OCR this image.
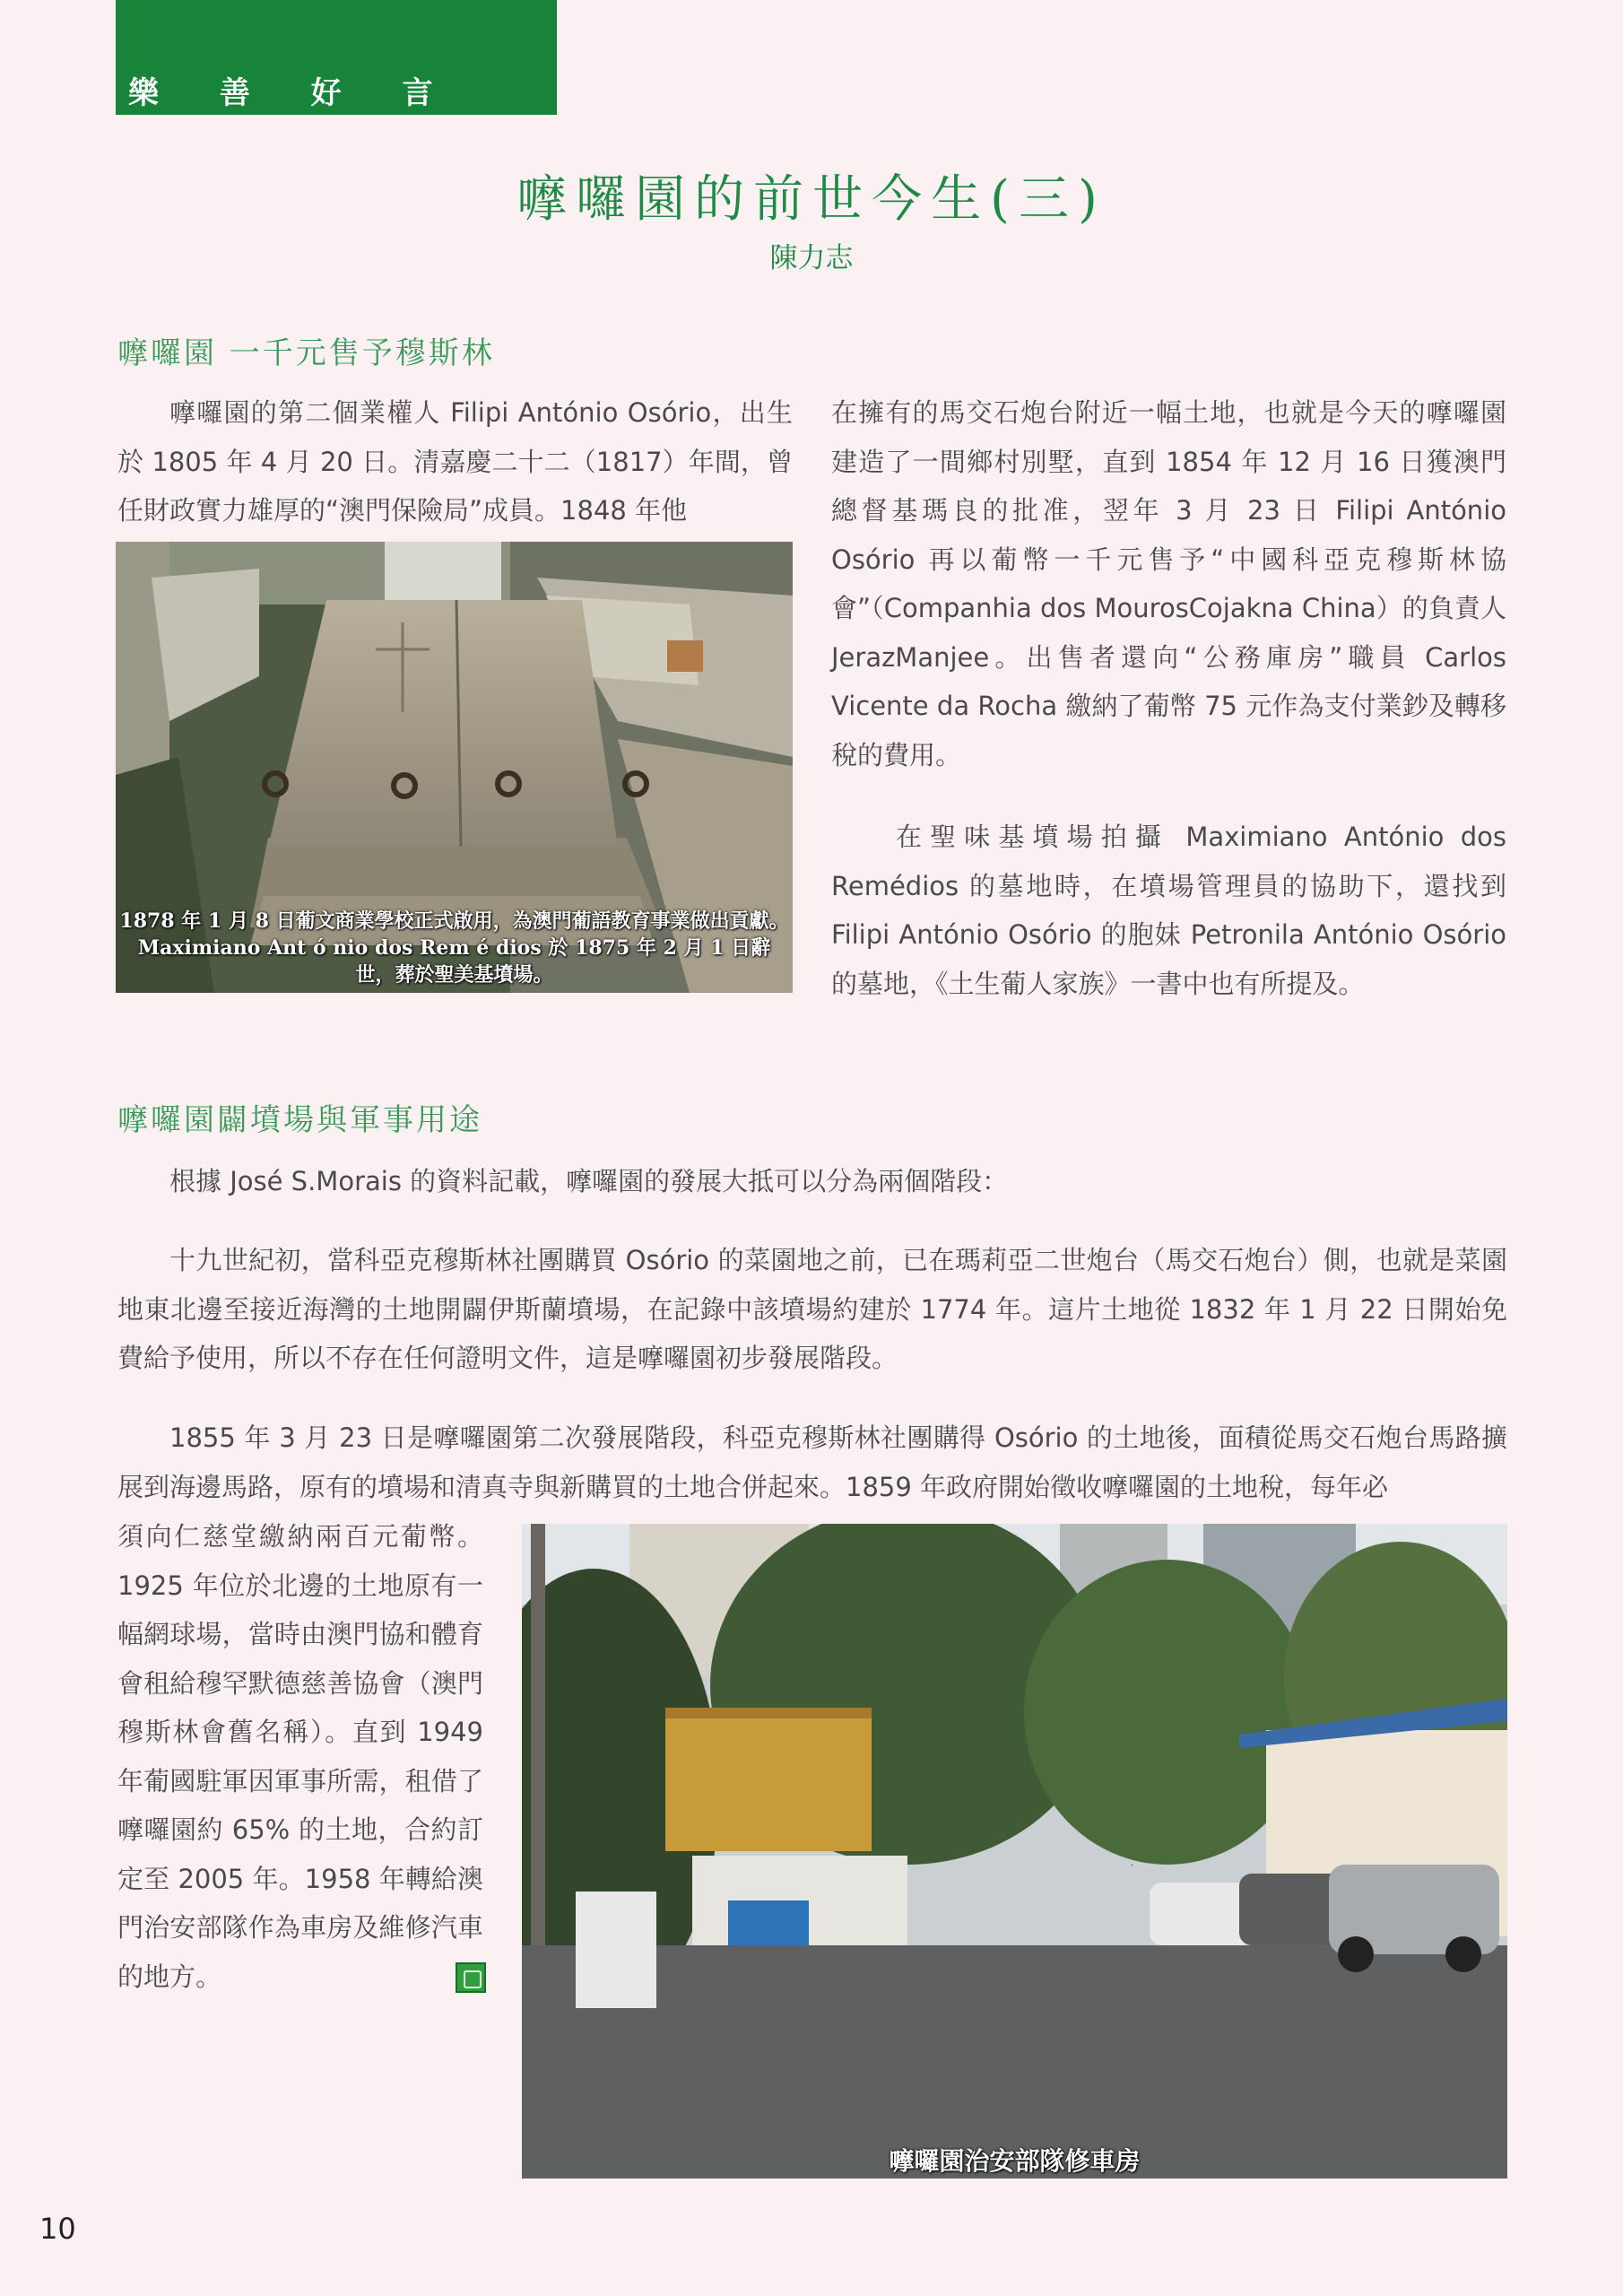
樂 善 好 言
嚤囉園的前世今生(三)
陳力志
嚤囉園 一千元售予穆斯林
嚤囉園的第二個業權人 Filipi António Osório，出生於 1805 年 4 月 20 日。清嘉慶二十二（1817）年間，曾任財政實力雄厚的“澳門保險局”成員。1848 年他
在擁有的馬交石炮台附近一幅土地，也就是今天的嚤囉園建造了一間鄉村別墅，直到 1854 年 12 月 16 日獲澳門總督基瑪良的批准，翌年 3 月 23 日 Filipi António Osório 再以葡幣一千元售予“中國科亞克穆斯林協會”（Companhia dos MourosCojakna China）的負責人 JerazManjee。出售者還向“公務庫房”職員 Carlos Vicente da Rocha 繳納了葡幣 75 元作為支付業鈔及轉移稅的費用。
在聖味基墳場拍攝 Maximiano António dos Remédios 的墓地時，在墳場管理員的協助下，還找到 Filipi António Osório 的胞妹 Petronila António Osório 的墓地，《土生葡人家族》一書中也有所提及。
1878 年 1 月 8 日葡文商業學校正式啟用，為澳門葡語教育事業做出貢獻。Maximiano Ant ó nio dos Rem é dios 於 1875 年 2 月 1 日辭世，葬於聖美基墳場。
嚤囉園闢墳場與軍事用途
根據 José S.Morais 的資料記載，嚤囉園的發展大抵可以分為兩個階段：
十九世紀初，當科亞克穆斯林社團購買 Osório 的菜園地之前，已在瑪莉亞二世炮台（馬交石炮台）側，也就是菜園地東北邊至接近海灣的土地開闢伊斯蘭墳場，在記錄中該墳場約建於 1774 年。這片土地從 1832 年 1 月 22 日開始免費給予使用，所以不存在任何證明文件，這是嚤囉園初步發展階段。
1855 年 3 月 23 日是嚤囉園第二次發展階段，科亞克穆斯林社團購得 Osório 的土地後，面積從馬交石炮台馬路擴展到海邊馬路，原有的墳場和清真寺與新購買的土地合併起來。1859 年政府開始徵收嚤囉園的土地稅，每年必
須向仁慈堂繳納兩百元葡幣。1925 年位於北邊的土地原有一幅網球場，當時由澳門協和體育會租給穆罕默德慈善協會（澳門穆斯林會舊名稱）。直到 1949 年葡國駐軍因軍事所需，租借了嚤囉園約 65% 的土地，合約訂定至 2005 年。1958 年轉給澳門治安部隊作為車房及維修汽車的地方。
嚤囉園治安部隊修車房
10
